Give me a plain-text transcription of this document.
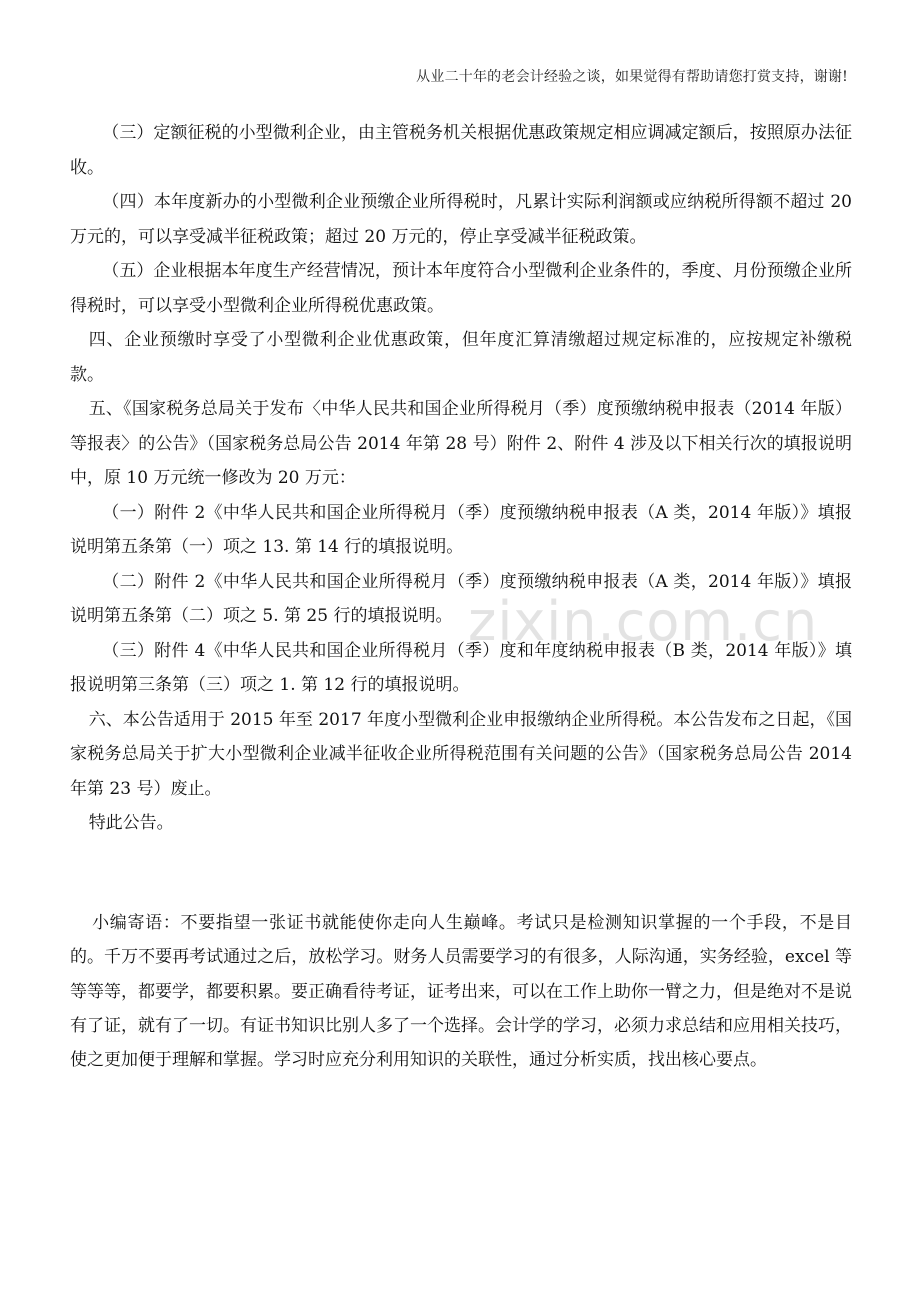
从业二十年的老会计经验之谈，如果觉得有帮助请您打赏支持，谢谢!
zixin.com.cn

（三）定额征税的小型微利企业，由主管税务机关根据优惠政策规定相应调减定额后，按照原办法征收。

（四）本年度新办的小型微利企业预缴企业所得税时，凡累计实际利润额或应纳税所得额不超过 20 万元的，可以享受减半征税政策；超过 20 万元的，停止享受减半征税政策。

（五）企业根据本年度生产经营情况，预计本年度符合小型微利企业条件的，季度、月份预缴企业所得税时，可以享受小型微利企业所得税优惠政策。

四、企业预缴时享受了小型微利企业优惠政策，但年度汇算清缴超过规定标准的，应按规定补缴税款。

五、《国家税务总局关于发布〈中华人民共和国企业所得税月（季）度预缴纳税申报表（2014 年版）等报表〉的公告》（国家税务总局公告 2014 年第 28 号）附件 2、附件 4 涉及以下相关行次的填报说明中，原 10 万元统一修改为 20 万元：

（一）附件 2《中华人民共和国企业所得税月（季）度预缴纳税申报表（A 类，2014 年版）》填报说明第五条第（一）项之 13. 第 14 行的填报说明。

（二）附件 2《中华人民共和国企业所得税月（季）度预缴纳税申报表（A 类，2014 年版）》填报说明第五条第（二）项之 5. 第 25 行的填报说明。

（三）附件 4《中华人民共和国企业所得税月（季）度和年度纳税申报表（B 类，2014 年版）》填报说明第三条第（三）项之 1. 第 12 行的填报说明。

六、本公告适用于 2015 年至 2017 年度小型微利企业申报缴纳企业所得税。本公告发布之日起，《国家税务总局关于扩大小型微利企业减半征收企业所得税范围有关问题的公告》（国家税务总局公告 2014 年第 23 号）废止。

特此公告。

小编寄语：不要指望一张证书就能使你走向人生巅峰。考试只是检测知识掌握的一个手段，不是目的。千万不要再考试通过之后，放松学习。财务人员需要学习的有很多，人际沟通，实务经验，excel 等等等等，都要学，都要积累。要正确看待考证，证考出来，可以在工作上助你一臂之力，但是绝对不是说有了证，就有了一切。有证书知识比别人多了一个选择。会计学的学习，必须力求总结和应用相关技巧，使之更加便于理解和掌握。学习时应充分利用知识的关联性，通过分析实质，找出核心要点。
